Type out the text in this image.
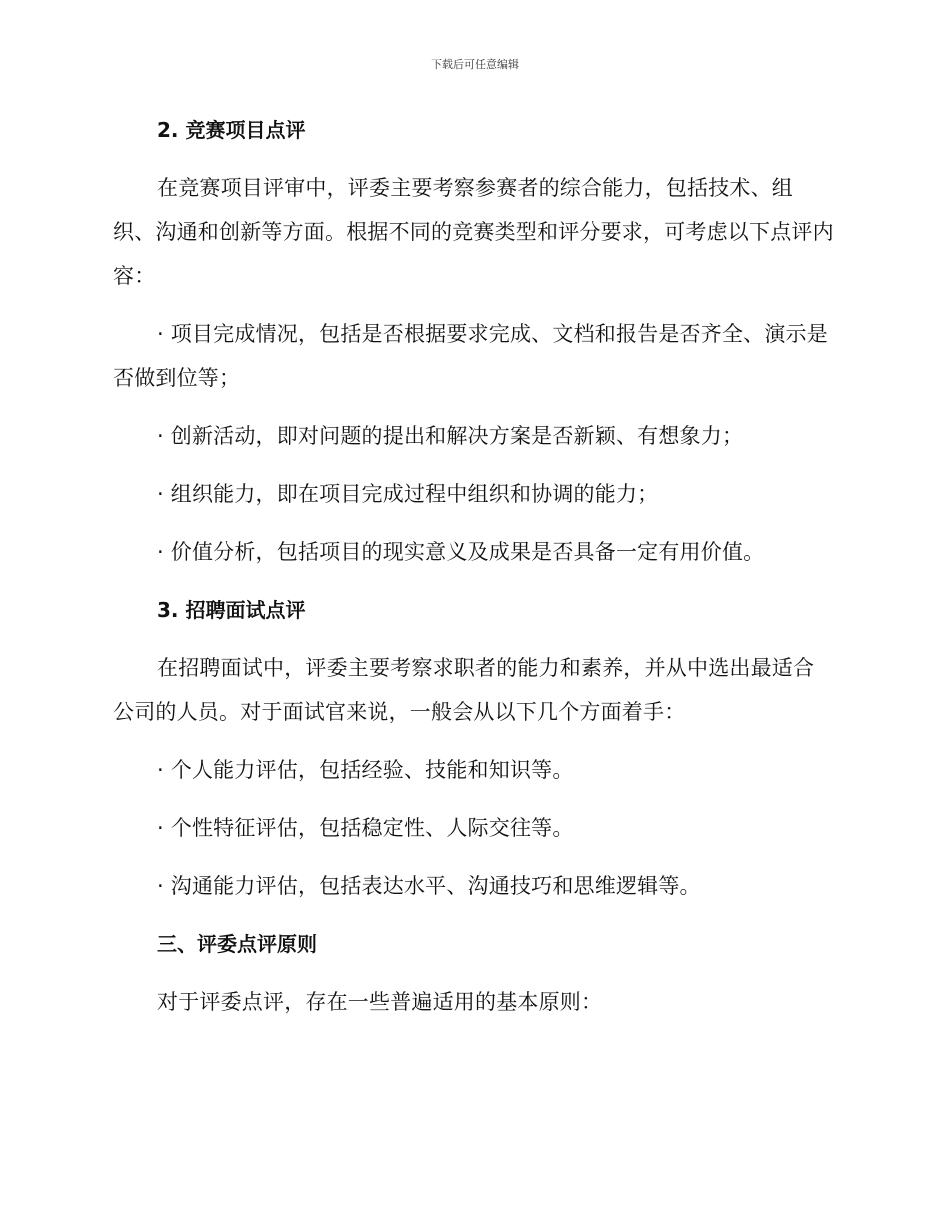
下载后可任意编辑
2. 竞赛项目点评
在竞赛项目评审中，评委主要考察参赛者的综合能力，包括技术、组织、沟通和创新等方面。根据不同的竞赛类型和评分要求，可考虑以下点评内容：
· 项目完成情况，包括是否根据要求完成、文档和报告是否齐全、演示是否做到位等；
· 创新活动，即对问题的提出和解决方案是否新颖、有想象力；
· 组织能力，即在项目完成过程中组织和协调的能力；
· 价值分析，包括项目的现实意义及成果是否具备一定有用价值。
3. 招聘面试点评
在招聘面试中，评委主要考察求职者的能力和素养，并从中选出最适合公司的人员。对于面试官来说，一般会从以下几个方面着手：
· 个人能力评估，包括经验、技能和知识等。
· 个性特征评估，包括稳定性、人际交往等。
· 沟通能力评估，包括表达水平、沟通技巧和思维逻辑等。
三、评委点评原则
对于评委点评，存在一些普遍适用的基本原则：
